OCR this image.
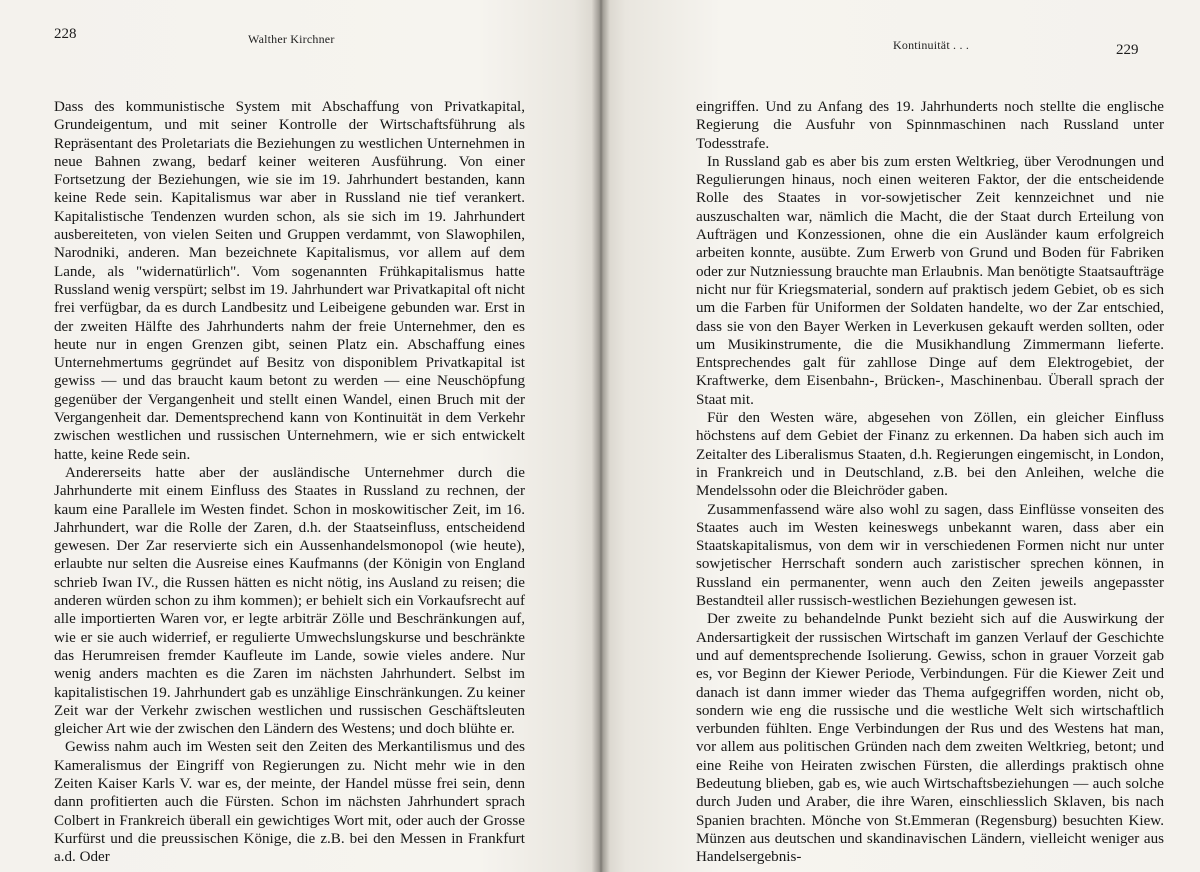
228	Walther Kirchner

Dass des kommunistische System mit Abschaffung von Privatkapital, Grundeigentum, und mit seiner Kontrolle der Wirtschaftsführung als Repräsentant des Proletariats die Beziehungen zu westlichen Unternehmen in neue Bahnen zwang, bedarf keiner weiteren Ausführung. Von einer Fortsetzung der Beziehungen, wie sie im 19. Jahrhundert bestanden, kann keine Rede sein. Kapitalismus war aber in Russland nie tief verankert. Kapitalistische Tendenzen wurden schon, als sie sich im 19. Jahrhundert ausbereiteten, von vielen Seiten und Gruppen verdammt, von Slawophilen, Narodniki, anderen. Man bezeichnete Kapitalismus, vor allem auf dem Lande, als "widernatürlich". Vom sogenannten Frühkapitalismus hatte Russland wenig verspürt; selbst im 19. Jahrhundert war Privatkapital oft nicht frei verfügbar, da es durch Landbesitz und Leibeigene gebunden war. Erst in der zweiten Hälfte des Jahrhunderts nahm der freie Unternehmer, den es heute nur in engen Grenzen gibt, seinen Platz ein. Abschaffung eines Unternehmertums gegründet auf Besitz von disponiblem Privatkapital ist gewiss — und das braucht kaum betont zu werden — eine Neuschöpfung gegenüber der Vergangenheit und stellt einen Wandel, einen Bruch mit der Vergangenheit dar. Dementsprechend kann von Kontinuität in dem Verkehr zwischen westlichen und russischen Unternehmern, wie er sich entwickelt hatte, keine Rede sein.

Andererseits hatte aber der ausländische Unternehmer durch die Jahrhunderte mit einem Einfluss des Staates in Russland zu rechnen, der kaum eine Parallele im Westen findet. Schon in moskowitischer Zeit, im 16. Jahrhundert, war die Rolle der Zaren, d.h. der Staatseinfluss, entscheidend gewesen. Der Zar reservierte sich ein Aussenhandelsmonopol (wie heute), erlaubte nur selten die Ausreise eines Kaufmanns (der Königin von England schrieb Iwan IV., die Russen hätten es nicht nötig, ins Ausland zu reisen; die anderen würden schon zu ihm kommen); er behielt sich ein Vorkaufsrecht auf alle importierten Waren vor, er legte arbiträr Zölle und Beschränkungen auf, wie er sie auch widerrief, er regulierte Umwechslungskurse und beschränkte das Herumreisen fremder Kaufleute im Lande, sowie vieles andere. Nur wenig anders machten es die Zaren im nächsten Jahrhundert. Selbst im kapitalistischen 19. Jahrhundert gab es unzählige Einschränkungen. Zu keiner Zeit war der Verkehr zwischen westlichen und russischen Geschäftsleuten gleicher Art wie der zwischen den Ländern des Westens; und doch blühte er.

Gewiss nahm auch im Westen seit den Zeiten des Merkantilismus und des Kameralismus der Eingriff von Regierungen zu. Nicht mehr wie in den Zeiten Kaiser Karls V. war es, der meinte, der Handel müsse frei sein, denn dann profitierten auch die Fürsten. Schon im nächsten Jahrhundert sprach Colbert in Frankreich überall ein gewichtiges Wort mit, oder auch der Grosse Kurfürst und die preussischen Könige, die z.B. bei den Messen in Frankfurt a.d. Oder

Kontinuität . . .	229

eingriffen. Und zu Anfang des 19. Jahrhunderts noch stellte die englische Regierung die Ausfuhr von Spinnmaschinen nach Russland unter Todesstrafe.

In Russland gab es aber bis zum ersten Weltkrieg, über Verodnungen und Regulierungen hinaus, noch einen weiteren Faktor, der die entscheidende Rolle des Staates in vor-sowjetischer Zeit kennzeichnet und nie auszuschalten war, nämlich die Macht, die der Staat durch Erteilung von Aufträgen und Konzessionen, ohne die ein Ausländer kaum erfolgreich arbeiten konnte, ausübte. Zum Erwerb von Grund und Boden für Fabriken oder zur Nutzniessung brauchte man Erlaubnis. Man benötigte Staatsaufträge nicht nur für Kriegsmaterial, sondern auf praktisch jedem Gebiet, ob es sich um die Farben für Uniformen der Soldaten handelte, wo der Zar entschied, dass sie von den Bayer Werken in Leverkusen gekauft werden sollten, oder um Musikinstrumente, die die Musikhandlung Zimmermann lieferte. Entsprechendes galt für zahllose Dinge auf dem Elektrogebiet, der Kraftwerke, dem Eisenbahn-, Brücken-, Maschinenbau. Überall sprach der Staat mit.

Für den Westen wäre, abgesehen von Zöllen, ein gleicher Einfluss höchstens auf dem Gebiet der Finanz zu erkennen. Da haben sich auch im Zeitalter des Liberalismus Staaten, d.h. Regierungen eingemischt, in London, in Frankreich und in Deutschland, z.B. bei den Anleihen, welche die Mendelssohn oder die Bleichröder gaben.

Zusammenfassend wäre also wohl zu sagen, dass Einflüsse vonseiten des Staates auch im Westen keineswegs unbekannt waren, dass aber ein Staatskapitalismus, von dem wir in verschiedenen Formen nicht nur unter sowjetischer Herrschaft sondern auch zaristischer sprechen können, in Russland ein permanenter, wenn auch den Zeiten jeweils angepasster Bestandteil aller russisch-westlichen Beziehungen gewesen ist.

Der zweite zu behandelnde Punkt bezieht sich auf die Auswirkung der Andersartigkeit der russischen Wirtschaft im ganzen Verlauf der Geschichte und auf dementsprechende Isolierung. Gewiss, schon in grauer Vorzeit gab es, vor Beginn der Kiewer Periode, Verbindungen. Für die Kiewer Zeit und danach ist dann immer wieder das Thema aufgegriffen worden, nicht ob, sondern wie eng die russische und die westliche Welt sich wirtschaftlich verbunden fühlten. Enge Verbindungen der Rus und des Westens hat man, vor allem aus politischen Gründen nach dem zweiten Weltkrieg, betont; und eine Reihe von Heiraten zwischen Fürsten, die allerdings praktisch ohne Bedeutung blieben, gab es, wie auch Wirtschaftsbeziehungen — auch solche durch Juden und Araber, die ihre Waren, einschliesslich Sklaven, bis nach Spanien brachten. Mönche von St.Emmeran (Regensburg) besuchten Kiew. Münzen aus deutschen und skandinavischen Ländern, vielleicht weniger aus Handelsergebnis-
